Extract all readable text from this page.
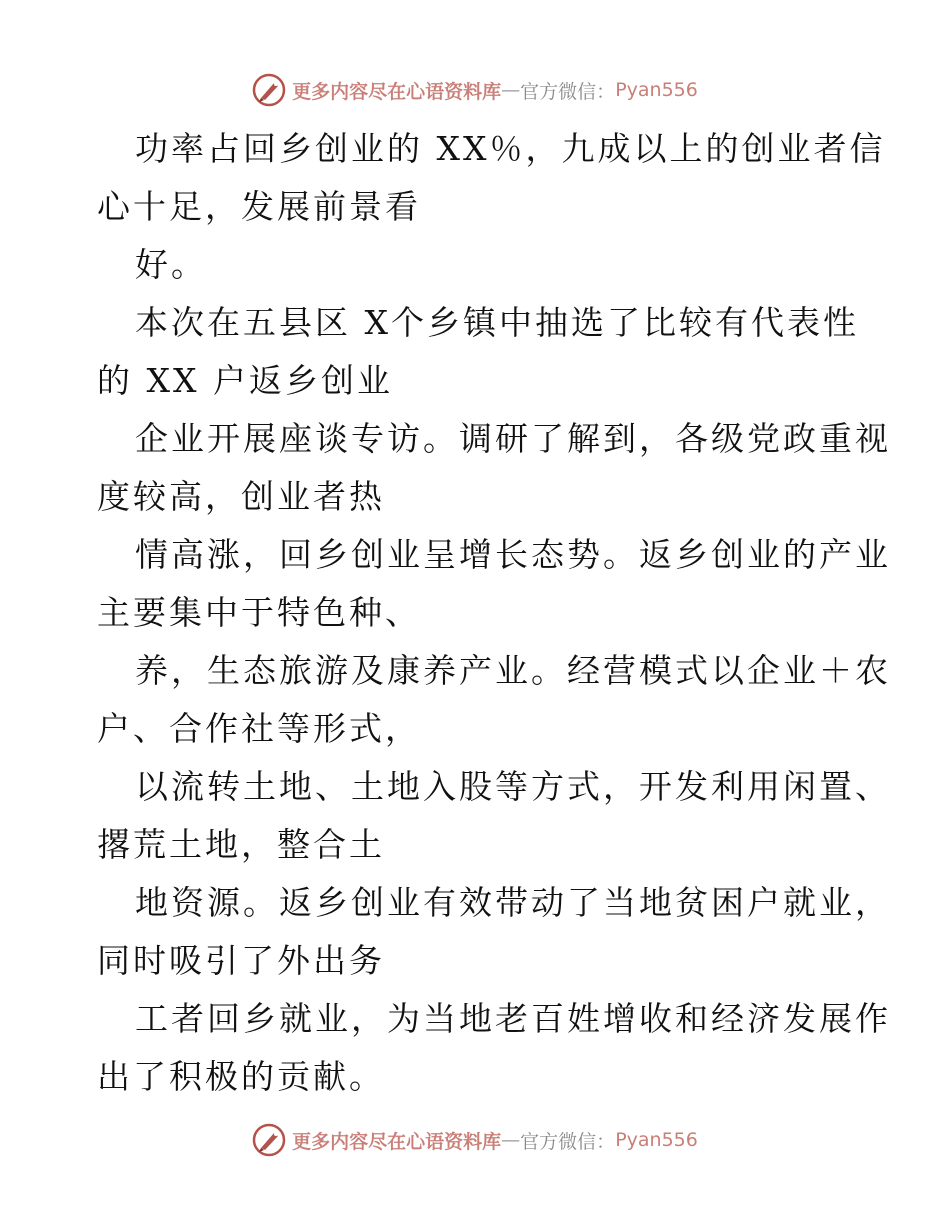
更多内容尽在心语资料库 — 官方微信： Pyan556
功率占回乡创业的 XX％，九成以上的创业者信
心十足，发展前景看
好。
本次在五县区 X个乡镇中抽选了比较有代表性
的 XX 户返乡创业
企业开展座谈专访。调研了解到，各级党政重视
度较高，创业者热
情高涨，回乡创业呈增长态势。返乡创业的产业
主要集中于特色种、
养，生态旅游及康养产业。经营模式以企业＋农
户、合作社等形式，
以流转土地、土地入股等方式，开发利用闲置、
撂荒土地，整合土
地资源。返乡创业有效带动了当地贫困户就业，
同时吸引了外出务
工者回乡就业，为当地老百姓增收和经济发展作
出了积极的贡献。
更多内容尽在心语资料库 — 官方微信： Pyan556
